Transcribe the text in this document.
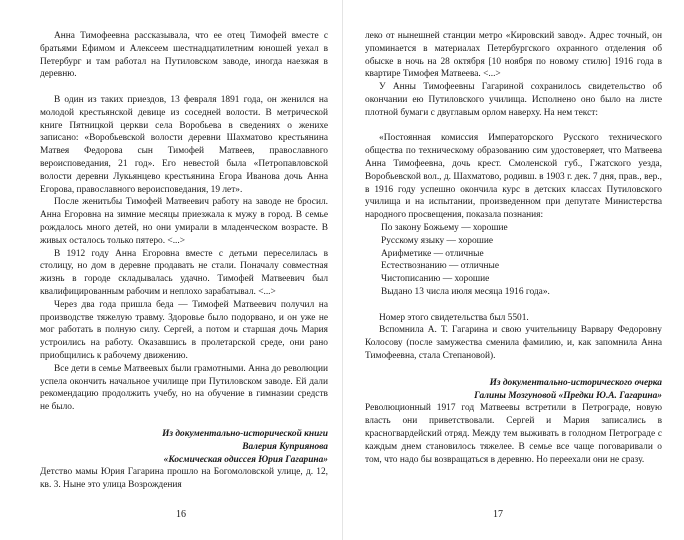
Анна Тимофеевна рассказывала, что ее отец Тимофей вместе с братьями Ефимом и Алексеем шестнадцатилетним юношей уехал в Петербург и там работал на Путиловском заводе, иногда наезжая в деревню.

В один из таких приездов, 13 февраля 1891 года, он женился на молодой крестьянской девице из соседней волости. В метрической книге Пятницкой церкви села Воробьева в сведениях о женихе записано: «Воробьевской волости деревни Шахматово крестьянина Матвея Федорова сын Тимофей Матвеев, православного вероисповедания, 21 год». Его невестой была «Петропавловской волости деревни Лукьянцево крестьянина Егора Иванова дочь Анна Егорова, православного вероисповедания, 19 лет».

После женитьбы Тимофей Матвеевич работу на заводе не бросил. Анна Егоровна на зимние месяцы приезжала к мужу в город. В семье рождалось много детей, но они умирали в младенческом возрасте. В живых осталось только пятеро. <...>

В 1912 году Анна Егоровна вместе с детьми переселилась в столицу, но дом в деревне продавать не стали. Поначалу совместная жизнь в городе складывалась удачно. Тимофей Матвеевич был квалифицированным рабочим и неплохо зарабатывал. <...>

Через два года пришла беда — Тимофей Матвеевич получил на производстве тяжелую травму. Здоровье было подорвано, и он уже не мог работать в полную силу. Сергей, а потом и старшая дочь Мария устроились на работу. Оказавшись в пролетарской среде, они рано приобщились к рабочему движению.

Все дети в семье Матвеевых были грамотными. Анна до революции успела окончить начальное училище при Путиловском заводе. Ей дали рекомендацию продолжить учебу, но на обучение в гимназии средств не было.

Из документально-исторической книги
Валерия Куприянова
«Космическая одиссея Юрия Гагарина»

Детство мамы Юрия Гагарина прошло на Богомоловской улице, д. 12, кв. 3. Ныне это улица Возрождения

16

леко от нынешней станции метро «Кировский завод». Адрес точный, он упоминается в материалах Петербургского охранного отделения об обыске в ночь на 28 октября [10 ноября по новому стилю] 1916 года в квартире Тимофея Матвеева. <...>

У Анны Тимофеевны Гагариной сохранилось свидетельство об окончании ею Путиловского училища. Исполнено оно было на листе плотной бумаги с двуглавым орлом наверху. На нем текст:

«Постоянная комиссия Императорского Русского технического общества по техническому образованию сим удостоверяет, что Матвеева Анна Тимофеевна, дочь крест. Смоленской губ., Гжатского уезда, Воробьевской вол., д. Шахматово, родивш. в 1903 г. дек. 7 дня, прав., вер., в 1916 году успешно окончила курс в детских классах Путиловского училища и на испытании, произведенном при депутате Министерства народного просвещения, показала познания:

По закону Божьему — хорошие
Русскому языку — хорошие
Арифметике — отличные
Естествознанию — отличные
Чистописанию — хорошие
Выдано 13 числа июля месяца 1916 года».

Номер этого свидетельства был 5501.

Вспомнила А. Т. Гагарина и свою учительницу Варвару Федоровну Колосову (после замужества сменила фамилию, и, как запомнила Анна Тимофеевна, стала Степановой).

Из документально-исторического очерка
Галины Мозгуновой «Предки Ю.А. Гагарина»

Революционный 1917 год Матвеевы встретили в Петрограде, новую власть они приветствовали. Сергей и Мария записались в красногвардейский отряд. Между тем выживать в голодном Петрограде с каждым днем становилось тяжелее. В семье все чаще поговаривали о том, что надо бы возвращаться в деревню. Но переехали они не сразу.

17
